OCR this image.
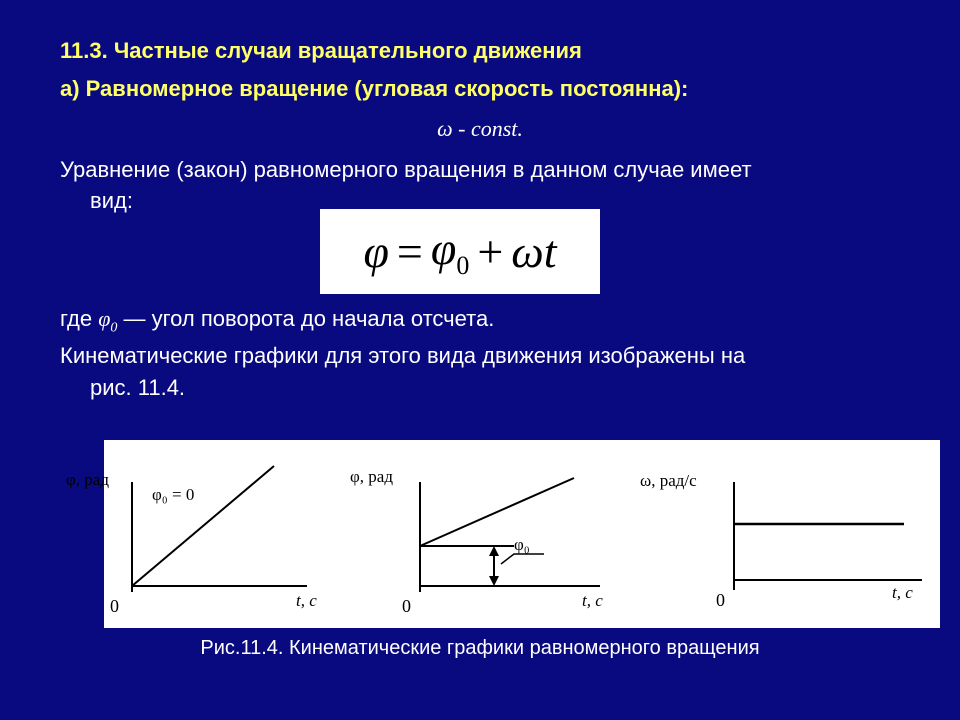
11.3. Частные случаи вращательного движения
а) Равномерное вращение (угловая скорость постоянна):
ω - const.
Уравнение (закон) равномерного вращения в данном случае имеет
вид:
$\varphi = \varphi_0 + \omega t$
где $\varphi_0$ — угол поворота до начала отсчета.
Кинематические графики для этого вида движения изображены на
рис. 11.4.
φ, рад
φ₀ = 0
0	t, c
φ, рад
φ₀
0	t, c
ω, рад/с
0	t, c
Рис.11.4. Кинематические графики равномерного вращения
